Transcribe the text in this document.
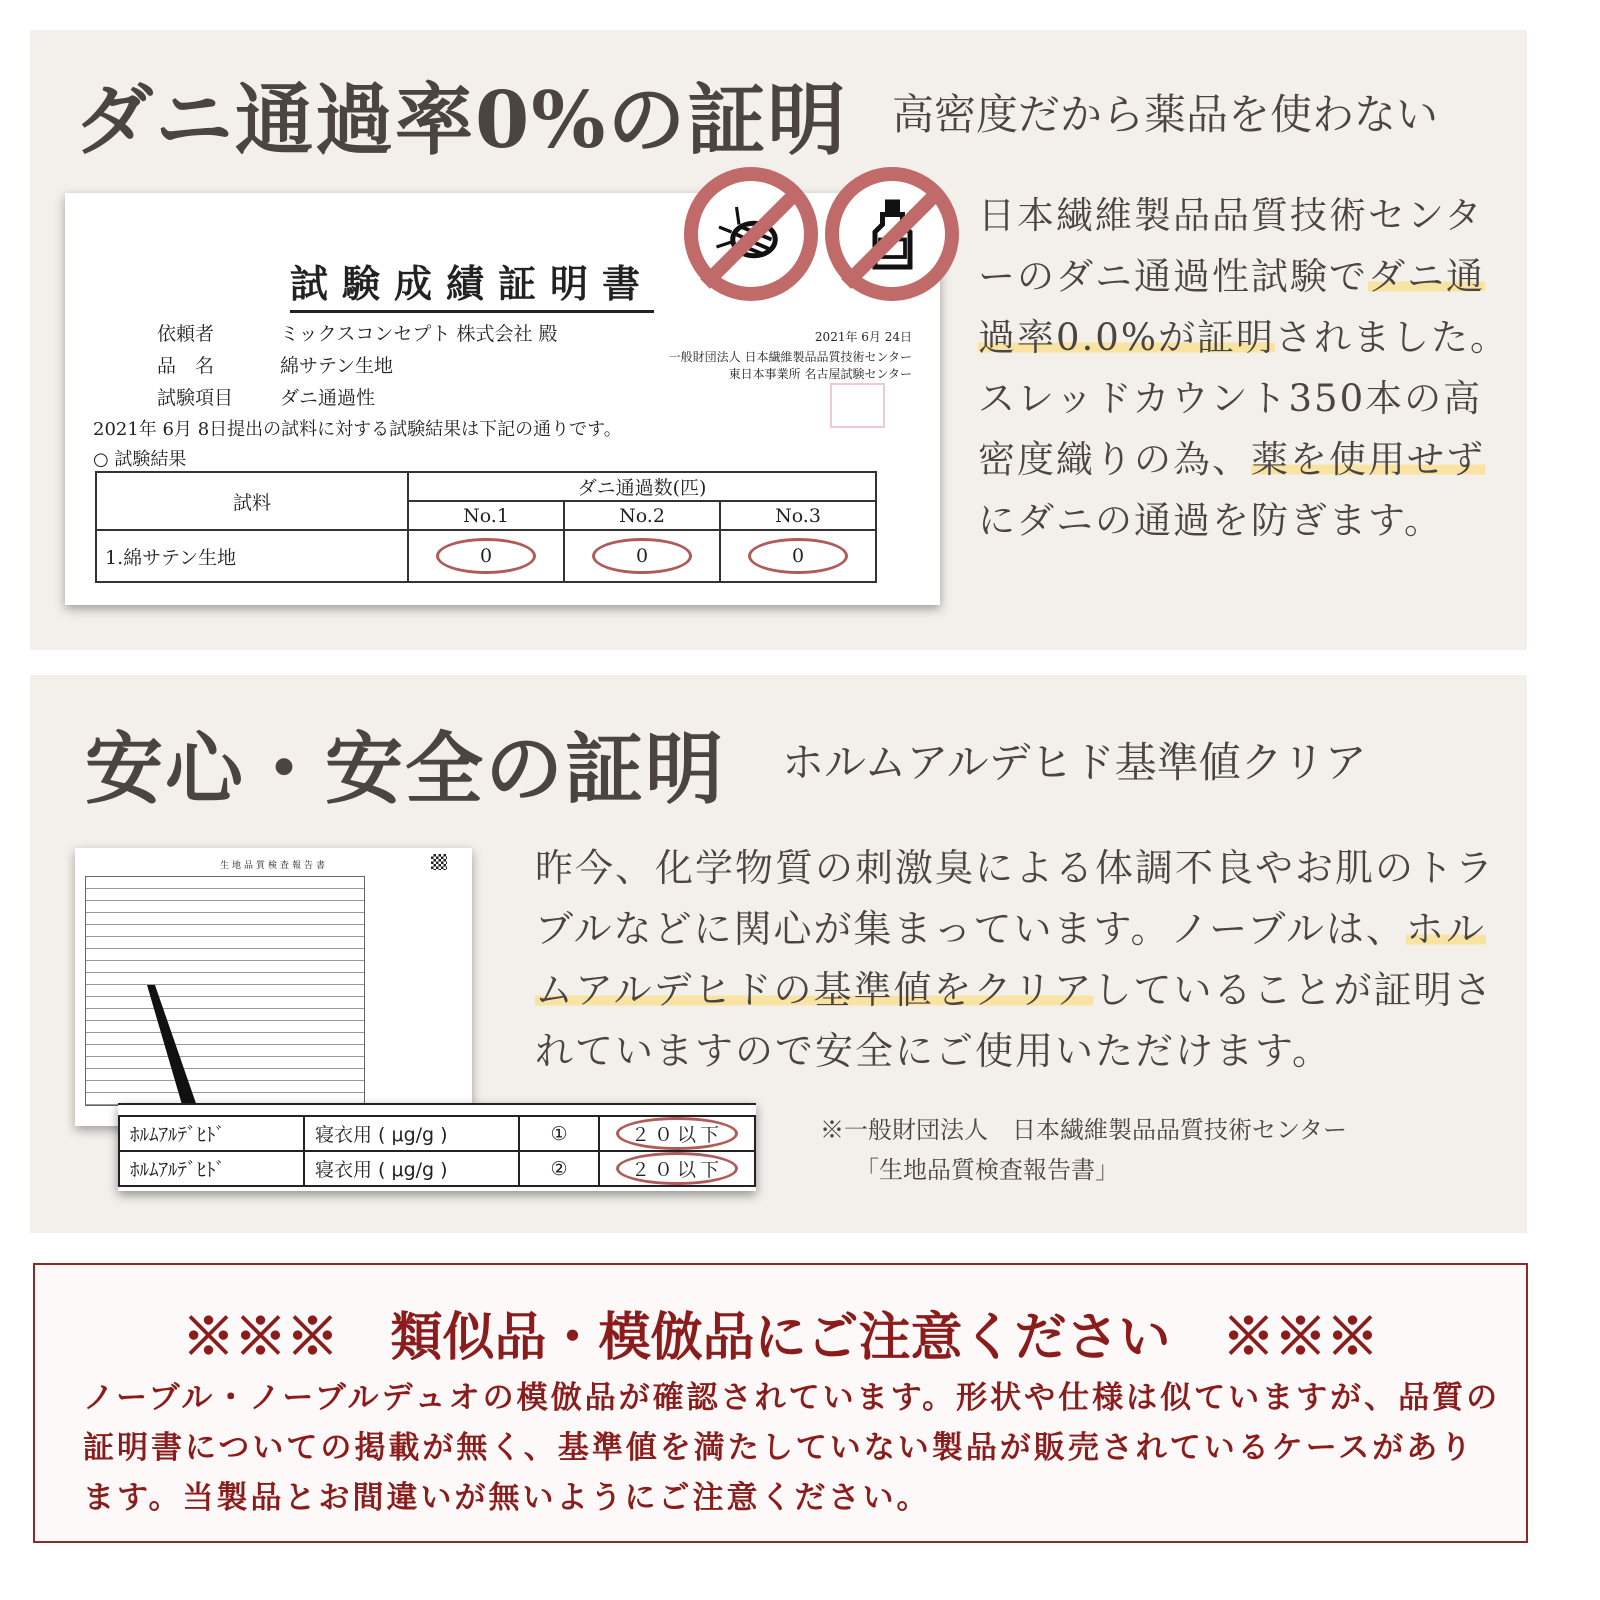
ダニ通過率0%の証明 高密度だから薬品を使わない
試験成績証明書
依頼者	ミックスコンセプト 株式会社 殿
品　名	綿サテン生地
試験項目 ダニ通過性
2021年 6月 24日
一般財団法人 日本繊維製品品質技術センター
東日本事業所 名古屋試験センター
2021年 6月 8日提出の試料に対する試験結果は下記の通りです。
○ 試験結果
試料	ダニ通過数(匹)		
	No.1	No.2	No.3
1.綿サテン生地	0	0	0
日本繊維製品品質技術センターのダニ通過性試験でダニ通過率0.0%が証明されました。スレッドカウント350本の高密度織りの為、薬を使用せずにダニの通過を防ぎます。
安心・安全の証明 ホルムアルデヒド基準値クリア
生地品質検査報告書
ﾎﾙﾑｱﾙﾃﾞﾋﾄﾞ	寝衣用 ( μg/g )	①	２０以下
ﾎﾙﾑｱﾙﾃﾞﾋﾄﾞ	寝衣用 ( μg/g )	②	２０以下
昨今、化学物質の刺激臭による体調不良やお肌のトラブルなどに関心が集まっています。ノーブルは、ホルムアルデヒドの基準値をクリアしていることが証明されていますので安全にご使用いただけます。
※一般財団法人　日本繊維製品品質技術センター
「生地品質検査報告書」
※※※　類似品・模倣品にご注意ください　※※※
ノーブル・ノーブルデュオの模倣品が確認されています。形状や仕様は似ていますが、品質の証明書についての掲載が無く、基準値を満たしていない製品が販売されているケースがあります。当製品とお間違いが無いようにご注意ください。
